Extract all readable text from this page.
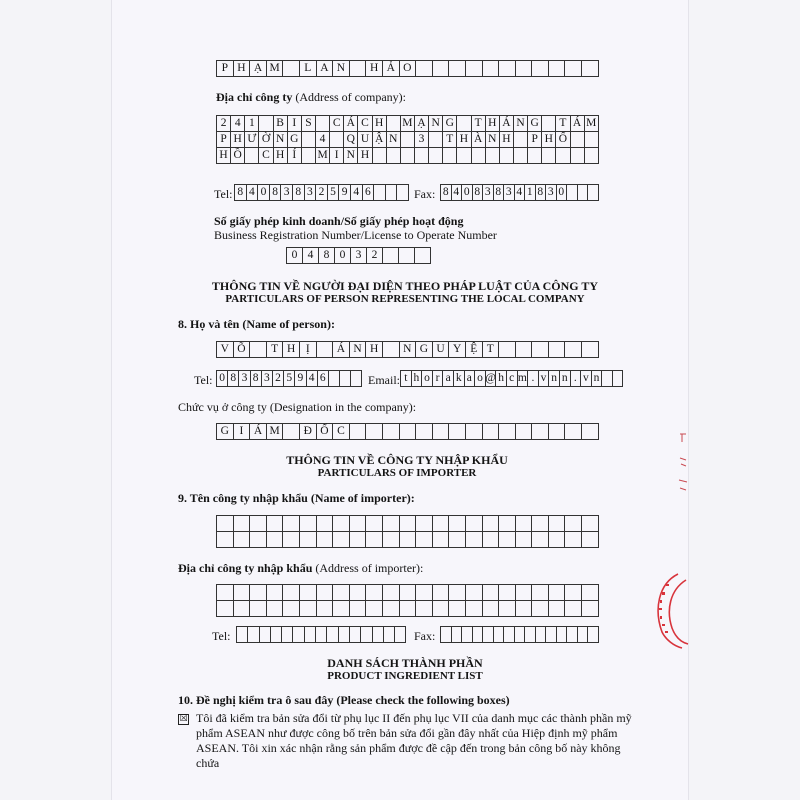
P H Ạ M	L A N	H Ả O
Địa chỉ công ty (Address of company):
2 4 1	B I S	C Á C H M Ạ N G T H Á N G T Á M
P H Ư Ờ N G	4	Q U Ậ N	3	T H À N H P H Ố
H Ồ C H Í	M I N H
Tel: 8 4 0 8 3 8 3 2 5 9 4 6	Fax: 8 4 0 8 3 8 3 4 1 8 3 0
Số giấy phép kinh doanh/Số giấy phép hoạt động
Business Registration Number/License to Operate Number
0 4 8 0 3 2
THÔNG TIN VỀ NGƯỜI ĐẠI DIỆN THEO PHÁP LUẬT CỦA CÔNG TY
PARTICULARS OF PERSON REPRESENTING THE LOCAL COMPANY
8. Họ và tên (Name of person):
V Õ	T H Ị	Á N H	N G U Y Ệ T
Tel: 0 8 3 8 3 2 5 9 4 6	Email: t h o r a k a o @ h c m . v n n . v n
Chức vụ ở công ty (Designation in the company):
G I Á M	Đ Ố C
THÔNG TIN VỀ CÔNG TY NHẬP KHẨU
PARTICULARS OF IMPORTER
9. Tên công ty nhập khẩu (Name of importer):
Địa chỉ công ty nhập khẩu (Address of importer):
Tel:	Fax:
DANH SÁCH THÀNH PHẦN
PRODUCT INGREDIENT LIST
10. Đề nghị kiểm tra ô sau đây (Please check the following boxes)
☒ Tôi đã kiểm tra bản sửa đổi từ phụ lục II đến phụ lục VII của danh mục các thành phần mỹ phẩm ASEAN như được công bố trên bản sửa đổi gần đây nhất của Hiệp định mỹ phẩm ASEAN. Tôi xin xác nhận rằng sản phẩm được đề cập đến trong bản công bố này không chứa
